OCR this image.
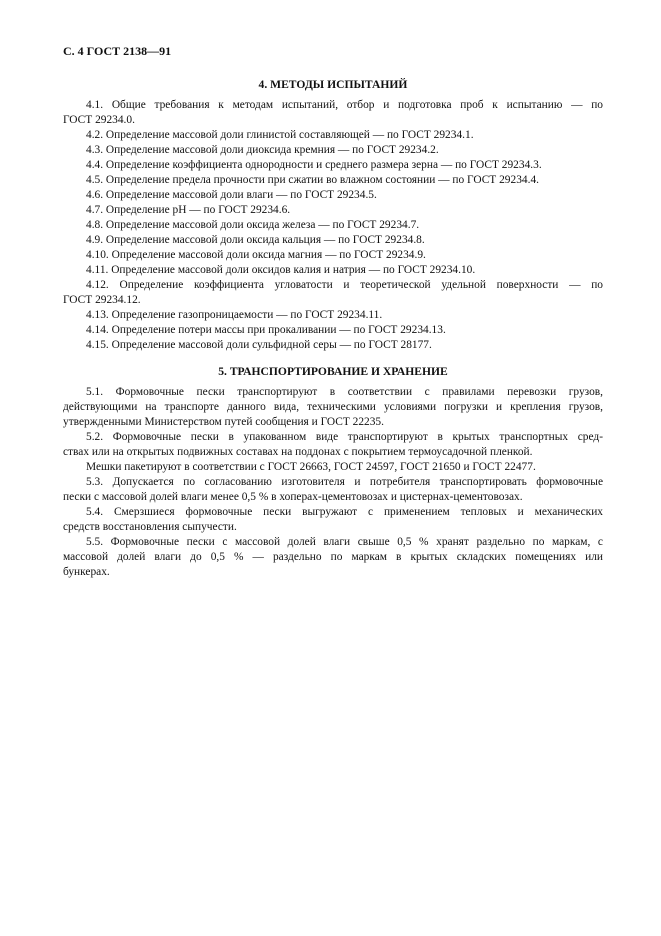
С. 4 ГОСТ 2138—91
4. МЕТОДЫ ИСПЫТАНИЙ
4.1. Общие требования к методам испытаний, отбор и подготовка проб к испытанию — по
ГОСТ 29234.0.
4.2. Определение массовой доли глинистой составляющей — по ГОСТ 29234.1.
4.3. Определение массовой доли диоксида кремния — по ГОСТ 29234.2.
4.4. Определение коэффициента однородности и среднего размера зерна — по ГОСТ 29234.3.
4.5. Определение предела прочности при сжатии во влажном состоянии — по ГОСТ 29234.4.
4.6. Определение массовой доли влаги — по ГОСТ 29234.5.
4.7. Определение pH — по ГОСТ 29234.6.
4.8. Определение массовой доли оксида железа — по ГОСТ 29234.7.
4.9. Определение массовой доли оксида кальция — по ГОСТ 29234.8.
4.10. Определение массовой доли оксида магния — по ГОСТ 29234.9.
4.11. Определение массовой доли оксидов калия и натрия — по ГОСТ 29234.10.
4.12. Определение коэффициента угловатости и теоретической удельной поверхности — по
ГОСТ 29234.12.
4.13. Определение газопроницаемости — по ГОСТ 29234.11.
4.14. Определение потери массы при прокаливании — по ГОСТ 29234.13.
4.15. Определение массовой доли сульфидной серы — по ГОСТ 28177.
5. ТРАНСПОРТИРОВАНИЕ И ХРАНЕНИЕ
5.1. Формовочные пески транспортируют в соответствии с правилами перевозки грузов,
действующими на транспорте данного вида, техническими условиями погрузки и крепления грузов,
утвержденными Министерством путей сообщения и ГОСТ 22235.
5.2. Формовочные пески в упакованном виде транспортируют в крытых транспортных сред-
ствах или на открытых подвижных составах на поддонах с покрытием термоусадочной пленкой.
Мешки пакетируют в соответствии с ГОСТ 26663, ГОСТ 24597, ГОСТ 21650 и ГОСТ 22477.
5.3. Допускается по согласованию изготовителя и потребителя транспортировать формовочные
пески с массовой долей влаги менее 0,5 % в хоперах-цементовозах и цистернах-цементовозах.
5.4. Смерзшиеся формовочные пески выгружают с применением тепловых и механических
средств восстановления сыпучести.
5.5. Формовочные пески с массовой долей влаги свыше 0,5 % хранят раздельно по маркам, с
массовой долей влаги до 0,5 % — раздельно по маркам в крытых складских помещениях или
бункерах.
